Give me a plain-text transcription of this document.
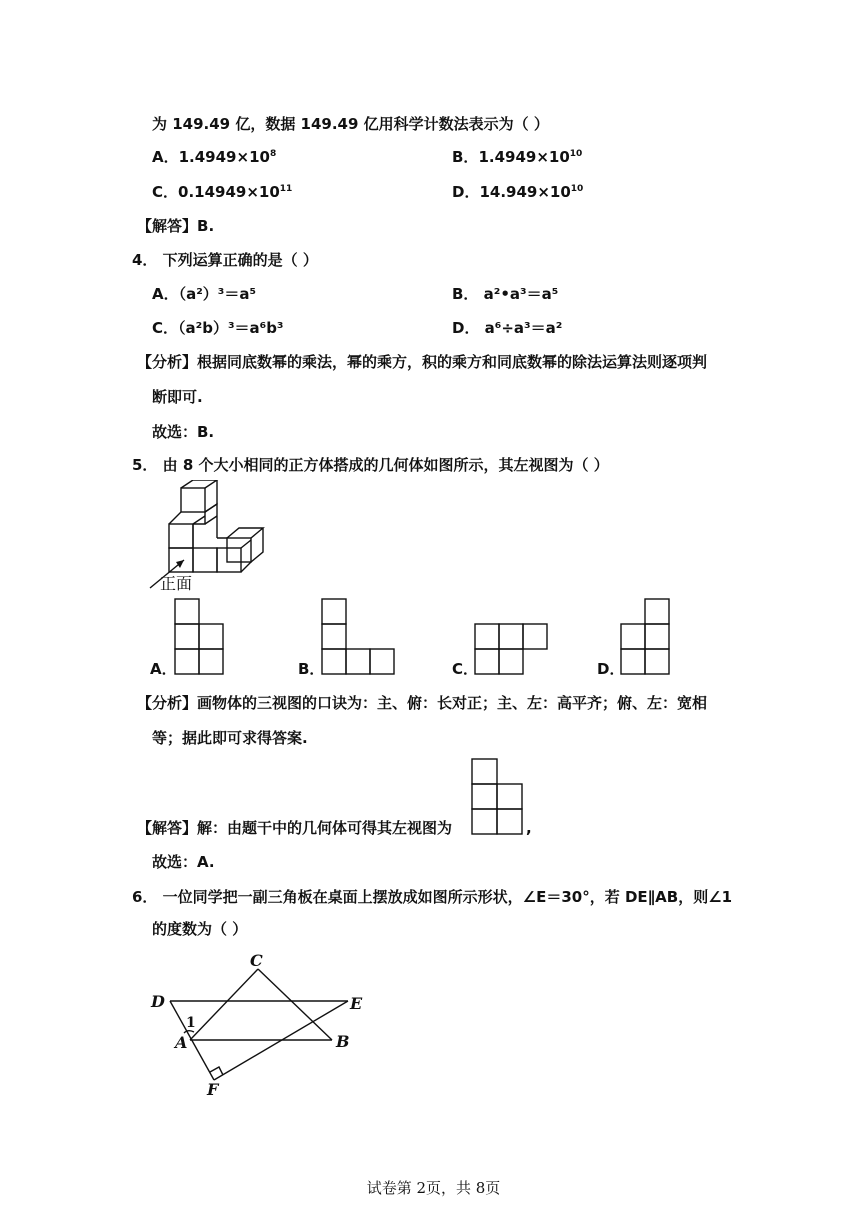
为 149.49 亿，数据 149.49 亿用科学计数法表示为（ ）
A．$1.4949\times 10^8$	B．$1.4949\times 10^{10}$
C．$0.14949\times 10^{11}$	D．$14.949\times 10^{10}$
【解答】B.
4． 下列运算正确的是（ ）
A．（a²）³＝a⁵	B． a²•a³＝a⁵
C．（a²b）³＝a⁶b³	D． a⁶÷a³＝a²
【分析】根据同底数幂的乘法，幂的乘方，积的乘方和同底数幂的除法运算法则逐项判
断即可.
故选：B.
5． 由 8 个大小相同的正方体搭成的几何体如图所示，其左视图为（ ）
正面
A．	B．	C．	D．
【分析】画物体的三视图的口诀为：主、俯：长对正；主、左：高平齐；俯、左：宽相
等；据此即可求得答案.
【解答】解：由题干中的几何体可得其左视图为	,
故选：A.
6． 一位同学把一副三角板在桌面上摆放成如图所示形状，∠E＝30°，若 DE∥AB，则∠1
的度数为（ ）
C
D	E
1
A	B
F
试卷第 2页，共 8页
